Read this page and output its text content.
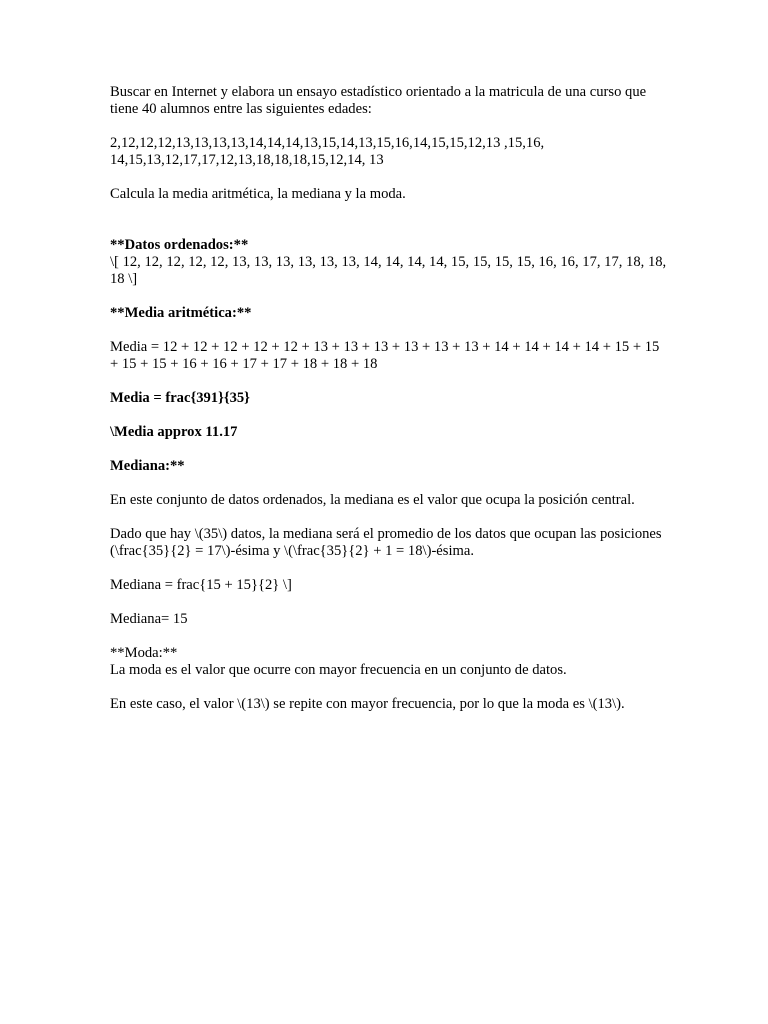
Buscar en Internet y elabora un ensayo estadístico orientado a la matricula de una curso que tiene 40 alumnos entre las siguientes edades:

2,12,12,12,13,13,13,13,14,14,14,13,15,14,13,15,16,14,15,15,12,13 ,15,16, 14,15,13,12,17,17,12,13,18,18,18,15,12,14, 13

Calcula la media aritmética, la mediana y la moda.

**Datos ordenados:**

\[ 12, 12, 12, 12, 12, 13, 13, 13, 13, 13, 13, 14, 14, 14, 14, 15, 15, 15, 15, 16, 16, 17, 17, 18, 18, 18 \]

**Media aritmética:**

Media = 12 + 12 + 12 + 12 + 12 + 13 + 13 + 13 + 13 + 13 + 13 + 14 + 14 + 14 + 14 + 15 + 15 + 15 + 15 + 16 + 16 + 17 + 17 + 18 + 18 + 18

Media = frac{391}{35}

\Media approx 11.17

Mediana:**

En este conjunto de datos ordenados, la mediana es el valor que ocupa la posición central.

Dado que hay \(35\) datos, la mediana será el promedio de los datos que ocupan las posiciones (\frac{35}{2} = 17\)-ésima y \(\frac{35}{2} + 1 = 18\)-ésima.

Mediana = frac{15 + 15}{2} \]

Mediana= 15

**Moda:**

La moda es el valor que ocurre con mayor frecuencia en un conjunto de datos.

En este caso, el valor \(13\) se repite con mayor frecuencia, por lo que la moda es \(13\).
